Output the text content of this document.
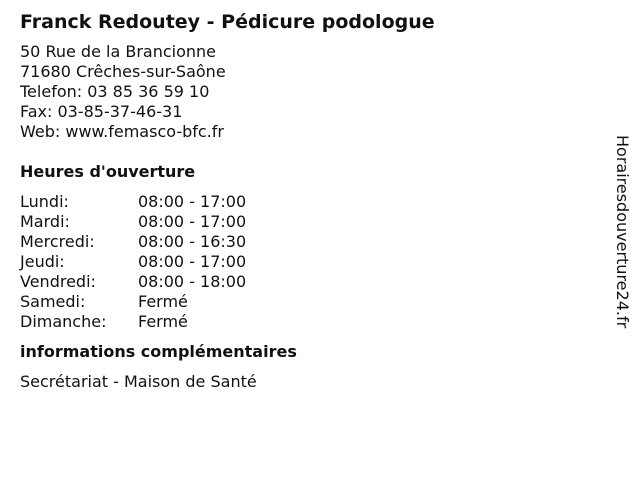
Franck Redoutey - Pédicure podologue
50 Rue de la Brancionne
71680 Crêches-sur-Saône
Telefon: 03 85 36 59 10
Fax: 03-85-37-46-31
Web: www.femasco-bfc.fr
Heures d'ouverture
Lundi:	08:00 - 17:00
Mardi:	08:00 - 17:00
Mercredi:	08:00 - 16:30
Jeudi:	08:00 - 17:00
Vendredi:	08:00 - 18:00
Samedi:	Fermé
Dimanche:	Fermé
informations complémentaires
Secrétariat - Maison de Santé
Horairesdouverture24.fr
